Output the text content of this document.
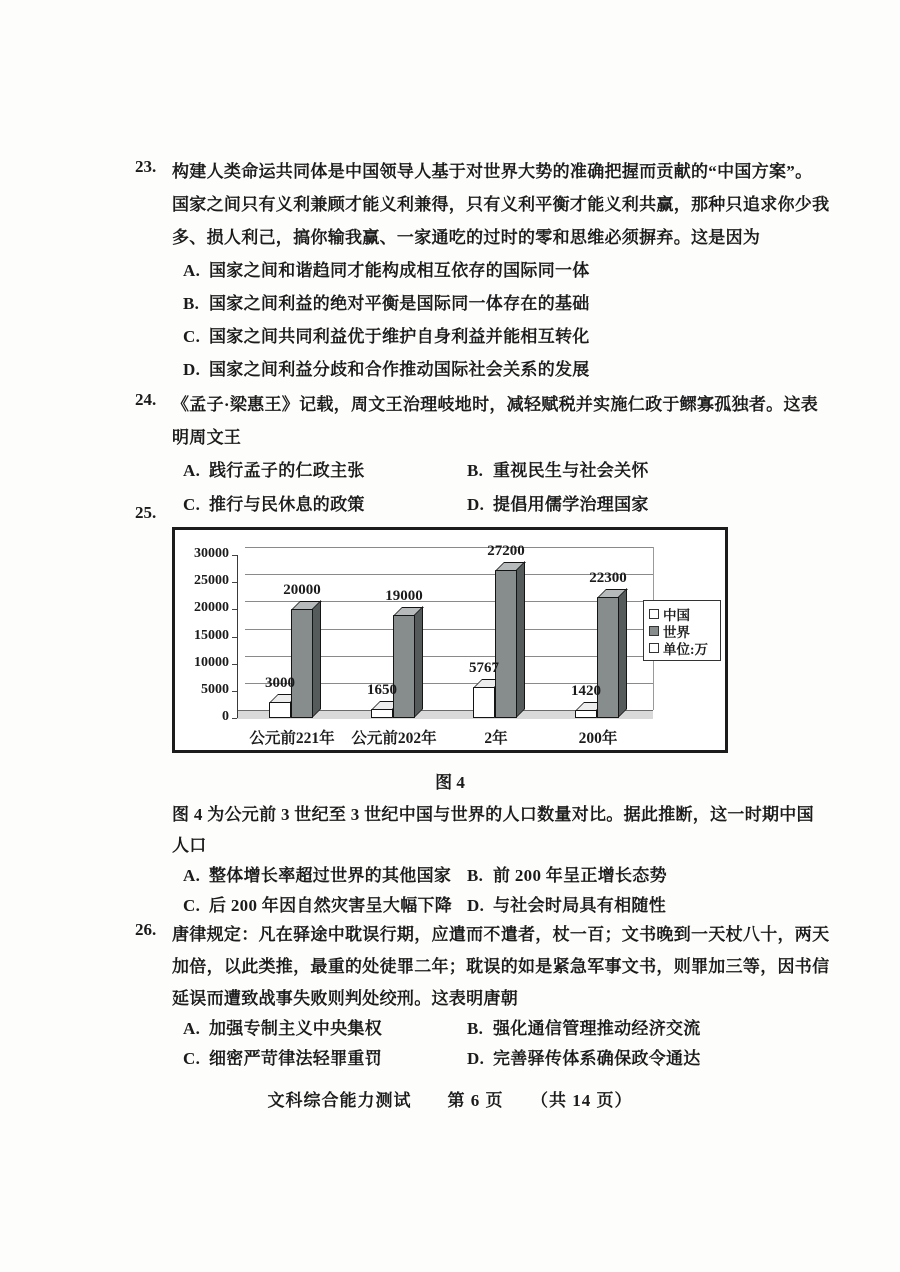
23. 构建人类命运共同体是中国领导人基于对世界大势的准确把握而贡献的“中国方案”。
国家之间只有义利兼顾才能义利兼得，只有义利平衡才能义利共赢，那种只追求你少我
多、损人利己，搞你输我赢、一家通吃的过时的零和思维必须摒弃。这是因为
A. 国家之间和谐趋同才能构成相互依存的国际同一体
B. 国家之间利益的绝对平衡是国际同一体存在的基础
C. 国家之间共同利益优于维护自身利益并能相互转化
D. 国家之间利益分歧和合作推动国际社会关系的发展
24. 《孟子·梁惠王》记载，周文王治理岐地时，减轻赋税并实施仁政于鳏寡孤独者。这表
明周文王
A. 践行孟子的仁政主张	B. 重视民生与社会关怀
C. 推行与民休息的政策	D. 提倡用儒学治理国家
25.
0
5000
10000
15000
20000
25000
30000
3000
20000
公元前221年
1650
19000
公元前202年
5767
27200
2年
1420
22300
200年
中国
世界
单位:万
图 4
图 4 为公元前 3 世纪至 3 世纪中国与世界的人口数量对比。据此推断，这一时期中国
人口
A. 整体增长率超过世界的其他国家 B. 前 200 年呈正增长态势
C. 后 200 年因自然灾害呈大幅下降 D. 与社会时局具有相随性
26. 唐律规定：凡在驿途中耽误行期，应遣而不遣者，杖一百；文书晚到一天杖八十，两天
加倍，以此类推，最重的处徒罪二年；耽误的如是紧急军事文书，则罪加三等，因书信
延误而遭致战事失败则判处绞刑。这表明唐朝
A. 加强专制主义中央集权	B. 强化通信管理推动经济交流
C. 细密严苛律法轻罪重罚	D. 完善驿传体系确保政令通达
文科综合能力测试　　第 6 页　　（共 14 页）
